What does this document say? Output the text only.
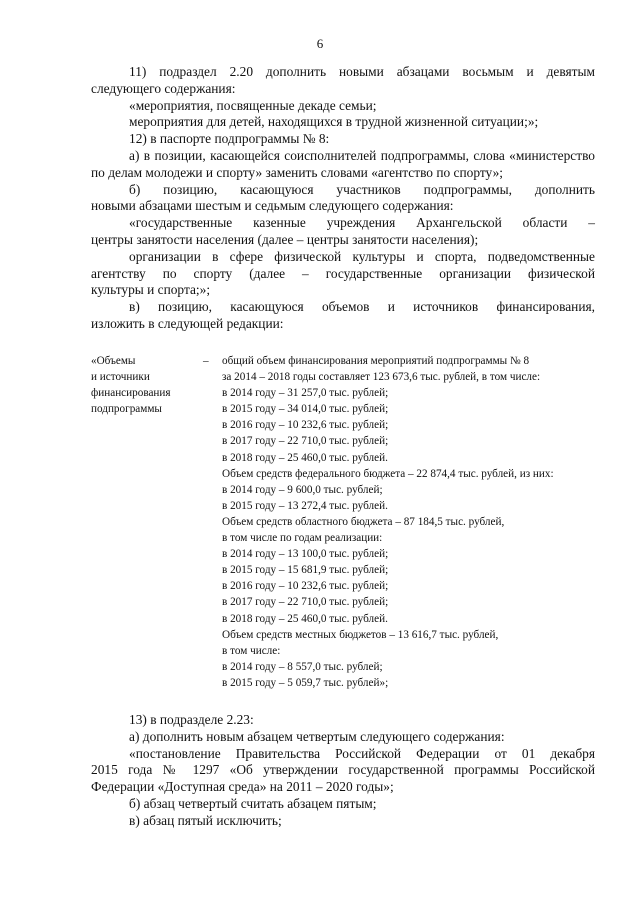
6

11) подраздел 2.20 дополнить новыми абзацами восьмым и девятым

следующего содержания:

«мероприятия, посвященные декаде семьи;

мероприятия для детей, находящихся в трудной жизненной ситуации;»;

12) в паспорте подпрограммы № 8:

а) в позиции, касающейся соисполнителей подпрограммы, слова «министерство

по делам молодежи и спорту» заменить словами «агентство по спорту»;

б) позицию, касающуюся участников подпрограммы, дополнить

новыми абзацами шестым и седьмым следующего содержания:

«государственные казенные учреждения Архангельской области –

центры занятости населения (далее – центры занятости населения);

организации в сфере физической культуры и спорта, подведомственные

агентству по спорту (далее – государственные организации физической

культуры и спорта;»;

в) позицию, касающуюся объемов и источников финансирования,

изложить в следующей редакции:

«Объемы
и источники
финансирования
подпрограммы
– общий объем финансирования мероприятий подпрограммы № 8
за 2014 – 2018 годы составляет 123 673,6 тыс. рублей, в том числе:
в 2014 году – 31 257,0 тыс. рублей;
в 2015 году – 34 014,0 тыс. рублей;
в 2016 году – 10 232,6 тыс. рублей;
в 2017 году – 22 710,0 тыс. рублей;
в 2018 году – 25 460,0 тыс. рублей.
Объем средств федерального бюджета – 22 874,4 тыс. рублей, из них:
в 2014 году – 9 600,0 тыс. рублей;
в 2015 году – 13 272,4 тыс. рублей.
Объем средств областного бюджета – 87 184,5 тыс. рублей,
в том числе по годам реализации:
в 2014 году – 13 100,0 тыс. рублей;
в 2015 году – 15 681,9 тыс. рублей;
в 2016 году – 10 232,6 тыс. рублей;
в 2017 году – 22 710,0 тыс. рублей;
в 2018 году – 25 460,0 тыс. рублей.
Объем средств местных бюджетов – 13 616,7 тыс. рублей,
в том числе:
в 2014 году – 8 557,0 тыс. рублей;
в 2015 году – 5 059,7 тыс. рублей»;

13) в подразделе 2.23:

а) дополнить новым абзацем четвертым следующего содержания:

«постановление Правительства Российской Федерации от 01 декабря

2015 года № 1297 «Об утверждении государственной программы Российской

Федерации «Доступная среда» на 2011 – 2020 годы»;

б) абзац четвертый считать абзацем пятым;

в) абзац пятый исключить;
